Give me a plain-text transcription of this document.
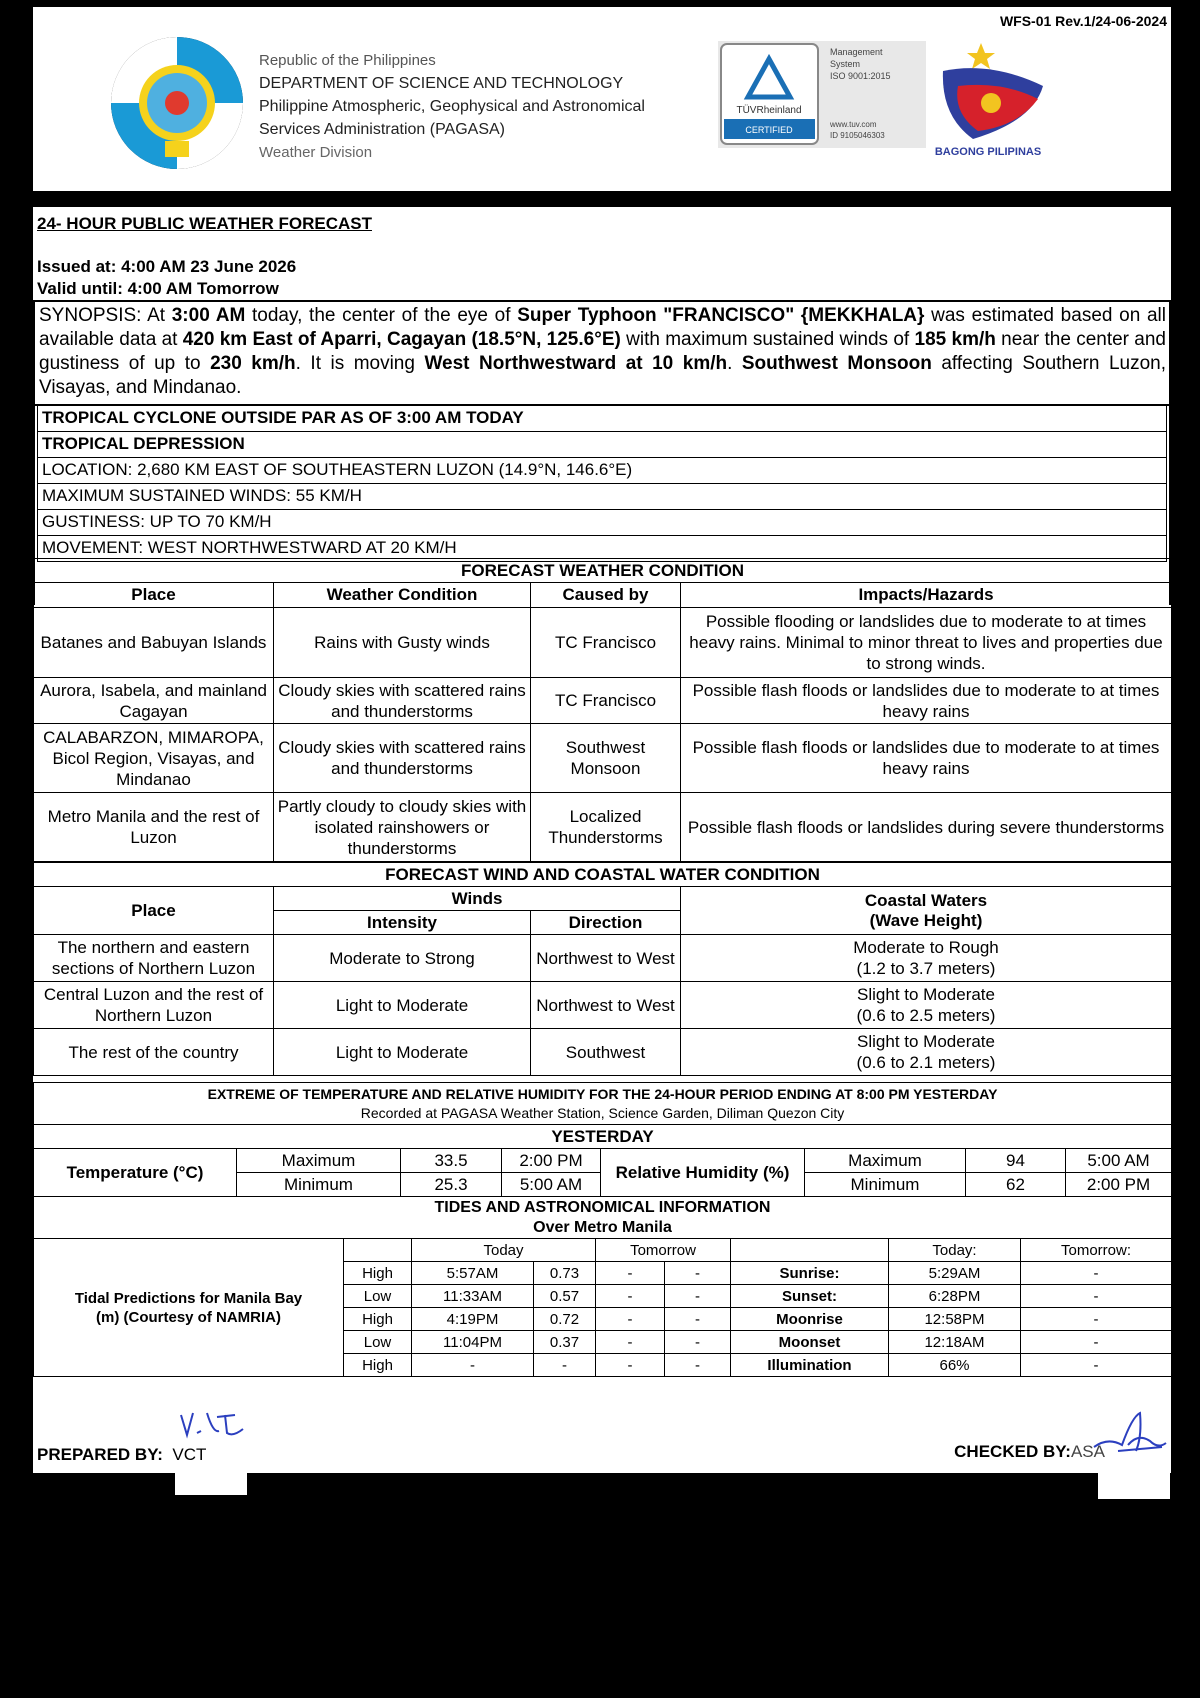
WFS-01 Rev.1/24-06-2024
Republic of the Philippines
DEPARTMENT OF SCIENCE AND TECHNOLOGY
Philippine Atmospheric, Geophysical and Astronomical
Services Administration (PAGASA)
Weather Division
TÜVRheinland
CERTIFIED
Management
System
ISO 9001:2015
www.tuv.com
ID 9105046303
BAGONG PILIPINAS
24- HOUR PUBLIC WEATHER FORECAST
Issued at: 4:00 AM 23 June 2026
Valid until: 4:00 AM Tomorrow
SYNOPSIS: At 3:00 AM today, the center of the eye of Super Typhoon "FRANCISCO" {MEKKHALA} was estimated based on all available data at 420 km East of Aparri, Cagayan (18.5°N, 125.6°E) with maximum sustained winds of 185 km/h near the center and gustiness of up to 230 km/h. It is moving West Northwestward at 10 km/h. Southwest Monsoon affecting Southern Luzon, Visayas, and Mindanao.
TROPICAL CYCLONE OUTSIDE PAR AS OF 3:00 AM TODAY
TROPICAL DEPRESSION
LOCATION: 2,680 KM EAST OF SOUTHEASTERN LUZON (14.9°N, 146.6°E)
MAXIMUM SUSTAINED WINDS: 55 KM/H
GUSTINESS: UP TO 70 KM/H
MOVEMENT: WEST NORTHWESTWARD AT 20 KM/H
FORECAST WEATHER CONDITION			
Place	Weather Condition	Caused by	Impacts/Hazards
Batanes and Babuyan Islands	Rains with Gusty winds	TC Francisco	Possible flooding or landslides due to moderate to at times heavy rains. Minimal to minor threat to lives and properties due to strong winds.
Aurora, Isabela, and mainland Cagayan	Cloudy skies with scattered rains and thunderstorms	TC Francisco	Possible flash floods or landslides due to moderate to at times heavy rains
CALABARZON, MIMAROPA, Bicol Region, Visayas, and Mindanao	Cloudy skies with scattered rains and thunderstorms	Southwest Monsoon	Possible flash floods or landslides due to moderate to at times heavy rains
Metro Manila and the rest of Luzon	Partly cloudy to cloudy skies with isolated rainshowers or thunderstorms	Localized Thunderstorms	Possible flash floods or landslides during severe thunderstorms
FORECAST WIND AND COASTAL WATER CONDITION			
Place	Winds		Coastal Waters
(Wave Height)

	Intensity	Direction	
The northern and eastern sections of Northern Luzon	Moderate to Strong	Northwest to West	Moderate to Rough
(1.2 to 3.7 meters)

Central Luzon and the rest of Northern Luzon	Light to Moderate	Northwest to West	Slight to Moderate
(0.6 to 2.5 meters)

The rest of the country	Light to Moderate	Southwest	Slight to Moderate
(0.6 to 2.1 meters)
EXTREME OF TEMPERATURE AND RELATIVE HUMIDITY FOR THE 24-HOUR PERIOD ENDING AT 8:00 PM YESTERDAY
Recorded at PAGASA Weather Station, Science Garden, Diliman Quezon City							

YESTERDAY							
Temperature (°C)	Maximum	33.5	2:00 PM	Relative Humidity (%)	Maximum	94	5:00 AM
	Minimum	25.3	5:00 AM		Minimum	62	2:00 PM
TIDES AND ASTRONOMICAL INFORMATION
Over Metro Manila								

Tidal Predictions for Manila Bay (m) (Courtesy of NAMRIA)		Today		Tomorrow			Today:	Tomorrow:
	High	5:57AM	0.73	-	-	Sunrise:	5:29AM	-
	Low	11:33AM	0.57	-	-	Sunset:	6:28PM	-
	High	4:19PM	0.72	-	-	Moonrise	12:58PM	-
	Low	11:04PM	0.37	-	-	Moonset	12:18AM	-
	High	-	-	-	-	Illumination	66%	-
PREPARED BY: VCT	CHECKED BY:ASA
